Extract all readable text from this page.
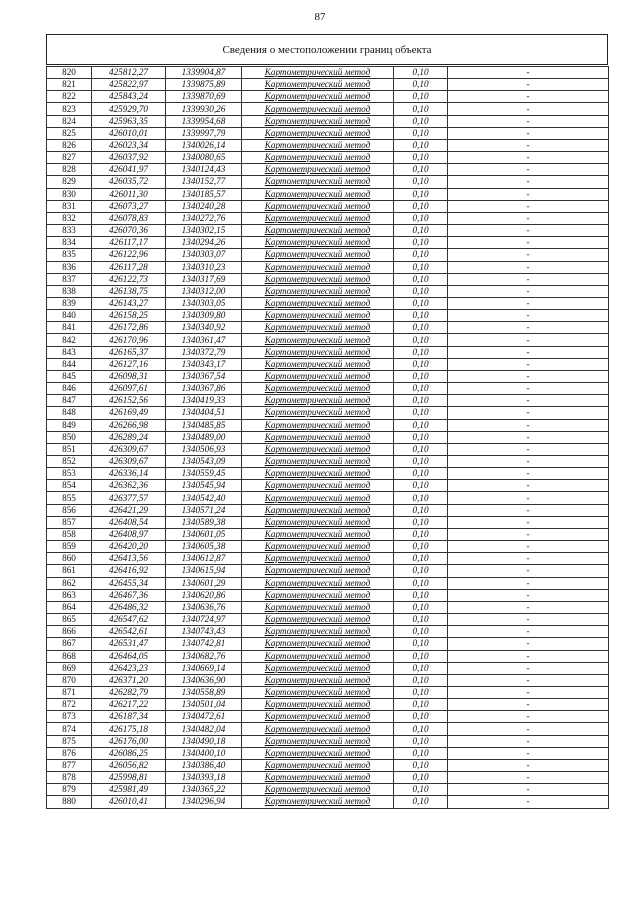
87
Сведения о местоположении границ объекта
820	425812,27	1339904,87	Картометрический метод	0,10	-
821	425822,97	1339875,89	Картометрический метод	0,10	-
822	425843,24	1339870,69	Картометрический метод	0,10	-
823	425929,70	1339930,26	Картометрический метод	0,10	-
824	425963,35	1339954,68	Картометрический метод	0,10	-
825	426010,01	1339997,79	Картометрический метод	0,10	-
826	426023,34	1340026,14	Картометрический метод	0,10	-
827	426037,92	1340080,65	Картометрический метод	0,10	-
828	426041,97	1340124,43	Картометрический метод	0,10	-
829	426035,72	1340152,77	Картометрический метод	0,10	-
830	426011,30	1340185,57	Картометрический метод	0,10	-
831	426073,27	1340240,28	Картометрический метод	0,10	-
832	426078,83	1340272,76	Картометрический метод	0,10	-
833	426070,36	1340302,15	Картометрический метод	0,10	-
834	426117,17	1340294,26	Картометрический метод	0,10	-
835	426122,96	1340303,07	Картометрический метод	0,10	-
836	426117,28	1340310,23	Картометрический метод	0,10	-
837	426122,73	1340317,69	Картометрический метод	0,10	-
838	426138,75	1340312,00	Картометрический метод	0,10	-
839	426143,27	1340303,05	Картометрический метод	0,10	-
840	426158,25	1340309,80	Картометрический метод	0,10	-
841	426172,86	1340340,92	Картометрический метод	0,10	-
842	426170,96	1340361,47	Картометрический метод	0,10	-
843	426165,37	1340372,79	Картометрический метод	0,10	-
844	426127,16	1340343,17	Картометрический метод	0,10	-
845	426098,31	1340367,54	Картометрический метод	0,10	-
846	426097,61	1340367,86	Картометрический метод	0,10	-
847	426152,56	1340419,33	Картометрический метод	0,10	-
848	426169,49	1340404,51	Картометрический метод	0,10	-
849	426266,98	1340485,85	Картометрический метод	0,10	-
850	426289,24	1340489,00	Картометрический метод	0,10	-
851	426309,67	1340506,93	Картометрический метод	0,10	-
852	426309,67	1340543,09	Картометрический метод	0,10	-
853	426336,14	1340559,45	Картометрический метод	0,10	-
854	426362,36	1340545,94	Картометрический метод	0,10	-
855	426377,57	1340542,40	Картометрический метод	0,10	-
856	426421,29	1340571,24	Картометрический метод	0,10	-
857	426408,54	1340589,38	Картометрический метод	0,10	-
858	426408,97	1340601,05	Картометрический метод	0,10	-
859	426420,20	1340605,38	Картометрический метод	0,10	-
860	426413,56	1340612,87	Картометрический метод	0,10	-
861	426416,92	1340615,94	Картометрический метод	0,10	-
862	426455,34	1340601,29	Картометрический метод	0,10	-
863	426467,36	1340620,86	Картометрический метод	0,10	-
864	426486,32	1340636,76	Картометрический метод	0,10	-
865	426547,62	1340724,97	Картометрический метод	0,10	-
866	426542,61	1340743,43	Картометрический метод	0,10	-
867	426531,47	1340742,81	Картометрический метод	0,10	-
868	426464,05	1340682,76	Картометрический метод	0,10	-
869	426423,23	1340669,14	Картометрический метод	0,10	-
870	426371,20	1340636,90	Картометрический метод	0,10	-
871	426282,79	1340558,89	Картометрический метод	0,10	-
872	426217,22	1340501,04	Картометрический метод	0,10	-
873	426187,34	1340472,61	Картометрический метод	0,10	-
874	426175,18	1340482,04	Картометрический метод	0,10	-
875	426176,00	1340490,18	Картометрический метод	0,10	-
876	426086,25	1340400,10	Картометрический метод	0,10	-
877	426056,82	1340386,40	Картометрический метод	0,10	-
878	425998,81	1340393,18	Картометрический метод	0,10	-
879	425981,49	1340365,22	Картометрический метод	0,10	-
880	426010,41	1340296,94	Картометрический метод	0,10	-
